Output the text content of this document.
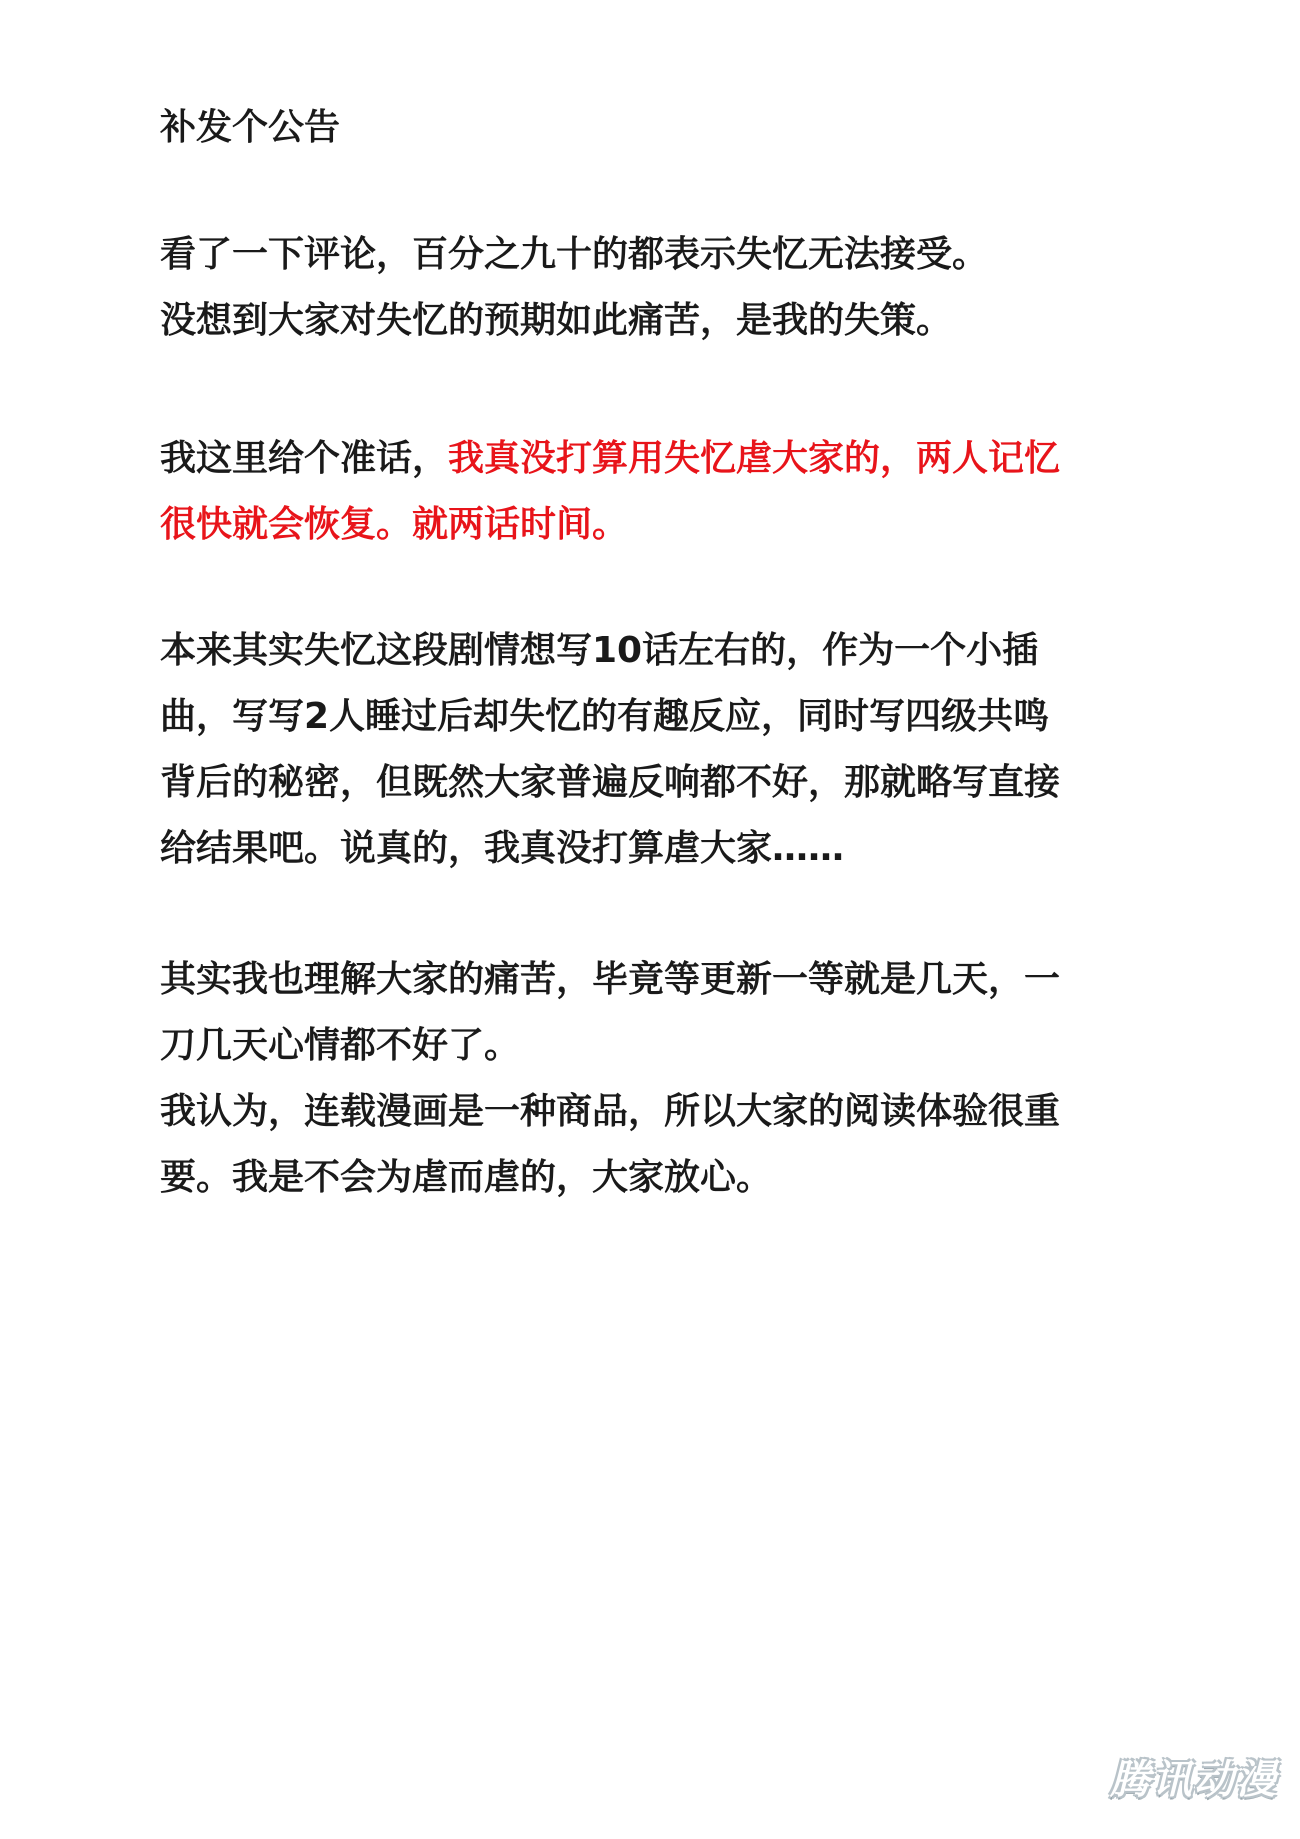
补发个公告

看了一下评论，百分之九十的都表示失忆无法接受。
没想到大家对失忆的预期如此痛苦，是我的失策。

我这里给个准话，我真没打算用失忆虐大家的，两人记忆
很快就会恢复。就两话时间。

本来其实失忆这段剧情想写10话左右的，作为一个小插
曲，写写2人睡过后却失忆的有趣反应，同时写四级共鸣
背后的秘密，但既然大家普遍反响都不好，那就略写直接
给结果吧。说真的，我真没打算虐大家……

其实我也理解大家的痛苦，毕竟等更新一等就是几天，一
刀几天心情都不好了。
我认为，连载漫画是一种商品，所以大家的阅读体验很重
要。我是不会为虐而虐的，大家放心。

腾讯动漫
